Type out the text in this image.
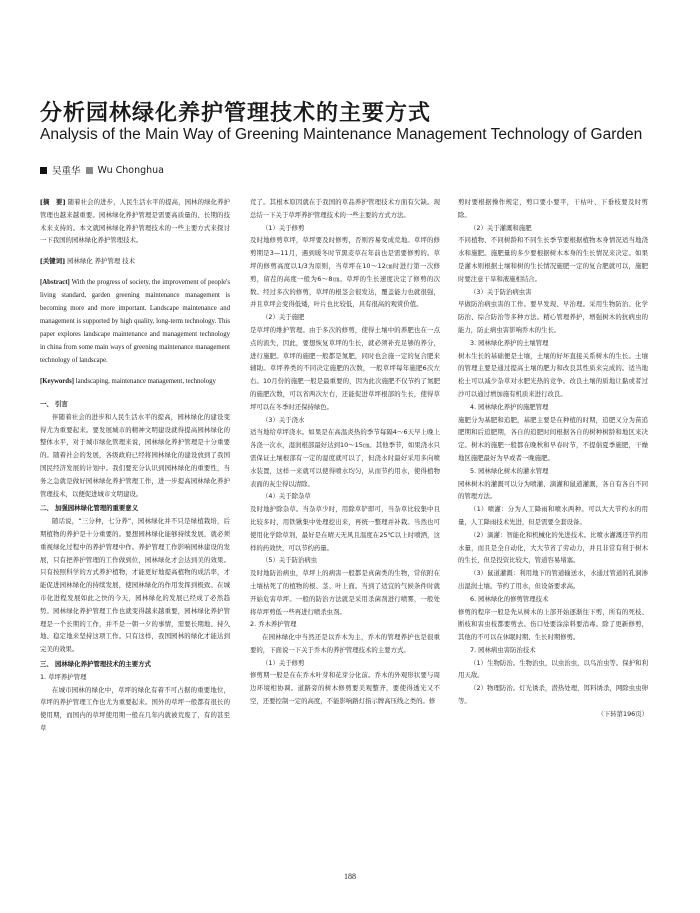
分析园林绿化养护管理技术的主要方式
Analysis of the Main Way of Greening Maintenance Management Technology of Garden
吴重华 Wu Chonghua

[摘　要] 随着社会的进步，人民生活水平的提高，园林的绿化养护管理也越来越重要。园林绿化养护管理是需要高质量的、长期的技术来支持的。本文就园林绿化养护管理技术的一些主要方式来探讨一下我国的园林绿化养护管理技术。

[关键词] 园林绿化 养护管理 技术

[Abstract] With the progress of society, the improvement of people's living standard, garden greening maintenance management is becoming more and more important. Landscape maintenance and management is supported by high quality, long-term technology. This paper explores landscape maintenance and management technology in china from some main ways of greening maintenance management technology of landscape.

[Keywords] landscaping, maintenance management, technology

一、 引言

伴随着社会的进步和人民生活水平的提高，园林绿化的建设变得尤为重要起来。要发展城市的精神文明建设就得提高园林绿化的整体水平，对于城市绿化管理来说，园林绿化养护管理是十分重要的。随着社会的发展，各级政府已经将园林绿化的建设放到了我国国民经济发展的计划中。我们要充分认识到园林绿化的重要性，当务之急就是做好园林绿化养护管理工作，进一步提高园林绿化养护管理技术，以便促进城市文明建设。

二、 加强园林绿化管理的重要意义

随话说，“三分种，七分养”，园林绿化并不只是绿植栽培，后期植物的养护是十分重要的。要想园林绿化能够持续发展，就必须重视绿化过程中的养护管理中作。养护管理工作影响园林建设的发展，只有把养护管理的工作做到位，园林绿化才会达到美的效果。只有按照科学的方式养护植物，才能更好地提高植物的成活率，才能促进园林绿化的持续发展，使园林绿化的作用发挥到极致。在城市化进程发展如此之快的今天，园林绿化的发展已经成了必然趋势。园林绿化养护管理工作也就变得越来越重要，园林绿化养护管理是一个长期的工作，并不是一朝一夕的事情，需要长期地、持久地、稳定地来坚持这项工作。只有这样，我国园林的绿化才能达到完美的效果。

三、 园林绿化养护管理技术的主要方式

1. 草坪养护管理

在城市园林的绿化中，草坪的绿化有着不可占据的重要地位，草坪的养护管理工作也尤为重要起来。国外的草坪一般都有很长的使用期，而国内的草坪使用期一般在几年内就被荒废了，有的甚至草

荒了。其根本原因就在于我国的草品养护管理技术方面有欠缺。现总结一下关于草坪养护管理技术的一些主要的方式方法。

（1）关于修剪

及时地修剪草坪，草坪要及时修剪，否则容易变成荒地。草坪的修剪期是3—11月，遇到暖冬时节黑麦草在年前也是需要修剪的。草坪的修剪高度以1/3为原则，当草坪在10～12㎝时进行第一次修剪，留茬的高度一般为6～8㎝。草坪的生长速度决定了修剪的次数。经过多次的修剪，草坪的根茎会很发达，覆盖能力也就很强，并且草坪会变得低矮，叶片也比较低，具有很高的观赏价值。

（2）关于施肥

是草坪的维护管理。由于多次的修剪，使得土壤中的养肥也在一点点的流失，因此，要想恢复草坪的生长，就必须补充足够的养分，进行施肥。草坪的施肥一般都是氮肥，同时也会施一定的复合肥来辅助。草坪养类的不同决定施肥的次数，一般草坪每年施肥6次左右。10月份的施肥一般是最重要的，因为此次施肥不仅节约了氮肥的施肥次数，可以省两次左右，还能促进草坪根部的生长，使得草坪可以在冬季时还保持绿色。

（3）关于浇水

适当地给草坪浇水。如果是在高温炎热的季节每隔4～6天早上晚上各浇一次水，湿润根部最好达到10～15㎝。其他季节，如果浇水只需保证土壤根部有一定的湿度就可以了，但浇水时最好采用多向喷水装置，这样一来就可以使得喷水均匀，从而节约用水，使得植物表面的灰尘得以清除。

（4）关于除杂草

及时地护除杂草。当杂草少时，用除草铲即可，当杂草比较集中且比较多时，用铁锹集中处理挖出来，再统一整理并补栽。当然也可使用化学除草剂，最好是在晴天无风且温度在25℃以上时喷洒，这样的药效快，可以节约药量。

（5）关于防治病虫

及时地防治病虫，草坪上的病害一般都是真菌类的生物，常依附在土壤枯死了的植物的根、茎、叶上面。当到了适宜的气候条件时就开始危害草坪。一般的防治方法就是采用杀菌剂进行喷雾，一般处将草坪剪低一些再进行喷杀虫剂。

2. 乔木养护管理

在园林绿化中当然还是以乔木为主，乔木的管理养护也是很重要的，下面说一下关于乔木的养护管理技术的主要方式。

（1）关于修剪

修剪期一般是在在乔木叶芽和花芽分化前。乔木的外观形状要与周边环境相协调。道路旁的树木修剪要美观整齐，要使得透光又不空，还要控制一定的高度，不能影响路灯指示牌高压线之类的。修

剪时要根据操作规定，剪口要小要平，干枯叶、下垂枝要及时剪除。

（2）关于灌溉和施肥

不同植物、不同树龄和不同生长季节要根据植物本身情况适当地浇水和施肥。施肥量的多少要根据树木本身的生长情况来决定。如果是灌木则根据土壤和树的生长情况施肥一定的复合肥就可以，施肥时要注意干旱和液施相结合。

（3）关于防治病虫害

早做防治病虫害的工作。要早发现、早治理。采用生物防治、化学防治、综合防治等多种方法。精心管理养护，增强树木的抗病虫的能力，防止病虫害影响乔木的生长。

3. 园林绿化养护的土壤管理

树木生长的基础便是土壤，土壤的好坏直接关系树木的生长。土壤的管理主要是通过提高土壤的肥力和改良其性质来完成的。适当地松土可以减少杂草对水肥光热的竞争。改良土壤的质地让黏或者过沙可以通过增加施有机质来进行改良。

4. 园林绿化养护的施肥管理

施肥分为基肥和追肥，基肥主要是在种植的时期，追肥又分为苗追肥期和后追肥期，各自的追肥时间根据各自的树种树龄和地区来决定。树木的施肥一般都在晚秋和早春时节，不提倡夏季施肥，干燥地区施肥最好为早或者一晚施肥。

5. 园林绿化树木的灌水管理

园林树木的灌溉可以分为喷灌、滴灌和鼠道灌溉，各自有各自不同的管理方法。

（1）喷灌：分为人工降雨和喷水两种。可以大大节约水的用量，人工降雨技术先进，但是需要全套设备。

（2）滴灌：智能化和机械化的先进技术。比喷水灌溉还节约用水量，而且是全自动化，大大节省了劳动力，并且非常有利于树木的生长，但是投资比较大，管道容易堵塞。

（3）鼠道灌溉：利用地下的管道输送水，水通过管道的孔洞渗出湿润土壤。节约了用水，但设备要求高。

6. 园林绿化的修剪管理技术

修剪的程序一般是先从树木的上部开始逐渐往下剪，所有的死枝、断枝和害虫枝都要剪去。伤口处要涂涂料要消毒。除了更新修剪，其他的不可以在休眠时期、生长时期修剪。

7. 园林病虫害防治技术

（1）生物防治。生物治虫，以虫治虫，以鸟治虫等。保护和利用天敌。

（2）物理防治。灯光诱杀，潜热处理，饵料诱杀，网除虫虫卵等。

（下转第196页）

188
